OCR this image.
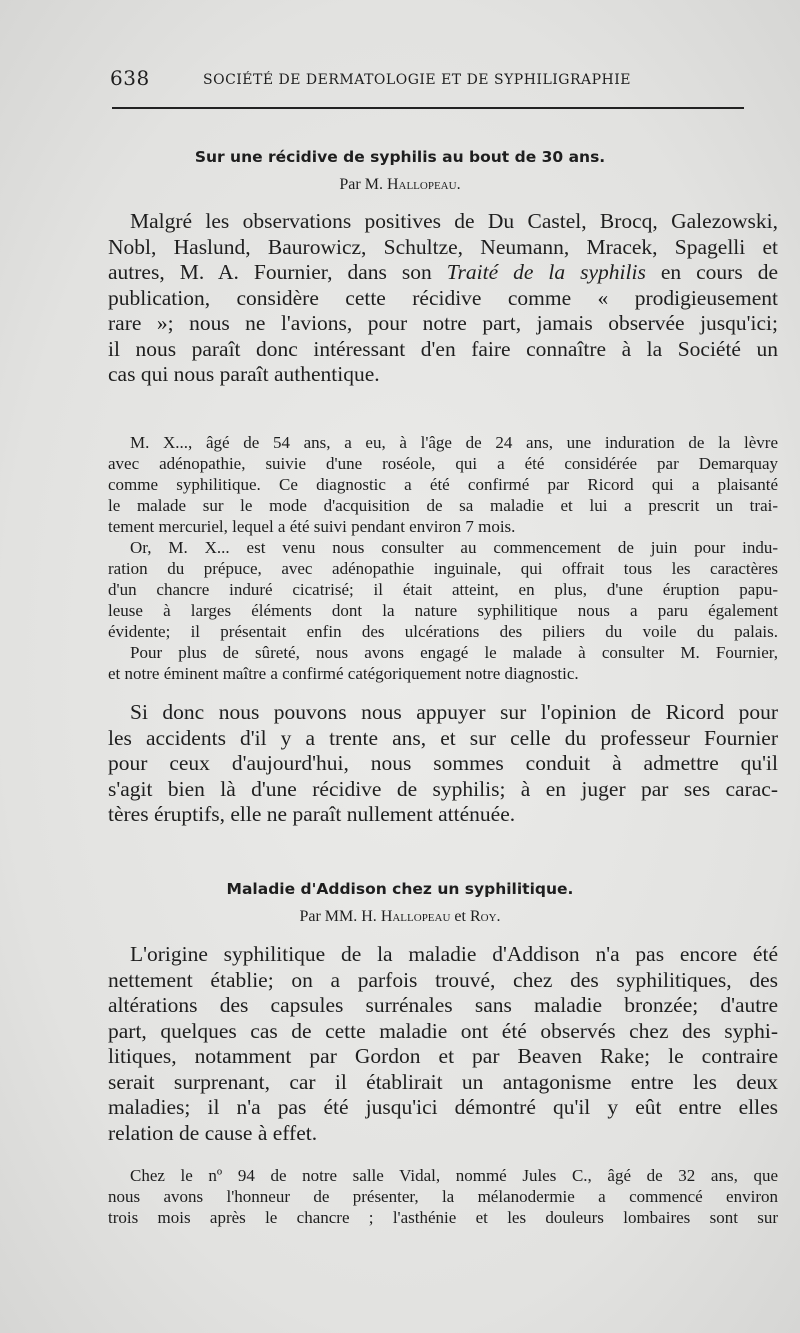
638	SOCIÉTÉ DE DERMATOLOGIE ET DE SYPHILIGRAPHIE
Sur une récidive de syphilis au bout de 30 ans.
Par M. Hallopeau.
Malgré les observations positives de Du Castel, Brocq, Galezowski,
Nobl, Haslund, Baurowicz, Schultze, Neumann, Mracek, Spagelli et
autres, M. A. Fournier, dans son Traité de la syphilis en cours de
publication, considère cette récidive comme « prodigieusement
rare »; nous ne l'avions, pour notre part, jamais observée jusqu'ici;
il nous paraît donc intéressant d'en faire connaître à la Société un
cas qui nous paraît authentique.
M. X..., âgé de 54 ans, a eu, à l'âge de 24 ans, une induration de la lèvre
avec adénopathie, suivie d'une roséole, qui a été considérée par Demarquay
comme syphilitique. Ce diagnostic a été confirmé par Ricord qui a plaisanté
le malade sur le mode d'acquisition de sa maladie et lui a prescrit un trai-
tement mercuriel, lequel a été suivi pendant environ 7 mois.
Or, M. X... est venu nous consulter au commencement de juin pour indu-
ration du prépuce, avec adénopathie inguinale, qui offrait tous les caractères
d'un chancre induré cicatrisé; il était atteint, en plus, d'une éruption papu-
leuse à larges éléments dont la nature syphilitique nous a paru également
évidente; il présentait enfin des ulcérations des piliers du voile du palais.
Pour plus de sûreté, nous avons engagé le malade à consulter M. Fournier,
et notre éminent maître a confirmé catégoriquement notre diagnostic.
Si donc nous pouvons nous appuyer sur l'opinion de Ricord pour
les accidents d'il y a trente ans, et sur celle du professeur Fournier
pour ceux d'aujourd'hui, nous sommes conduit à admettre qu'il
s'agit bien là d'une récidive de syphilis; à en juger par ses carac-
tères éruptifs, elle ne paraît nullement atténuée.
Maladie d'Addison chez un syphilitique.
Par MM. H. Hallopeau et Roy.
L'origine syphilitique de la maladie d'Addison n'a pas encore été
nettement établie; on a parfois trouvé, chez des syphilitiques, des
altérations des capsules surrénales sans maladie bronzée; d'autre
part, quelques cas de cette maladie ont été observés chez des syphi-
litiques, notamment par Gordon et par Beaven Rake; le contraire
serait surprenant, car il établirait un antagonisme entre les deux
maladies; il n'a pas été jusqu'ici démontré qu'il y eût entre elles
relation de cause à effet.
Chez le nº 94 de notre salle Vidal, nommé Jules C., âgé de 32 ans, que
nous avons l'honneur de présenter, la mélanodermie a commencé environ
trois mois après le chancre ; l'asthénie et les douleurs lombaires sont sur
